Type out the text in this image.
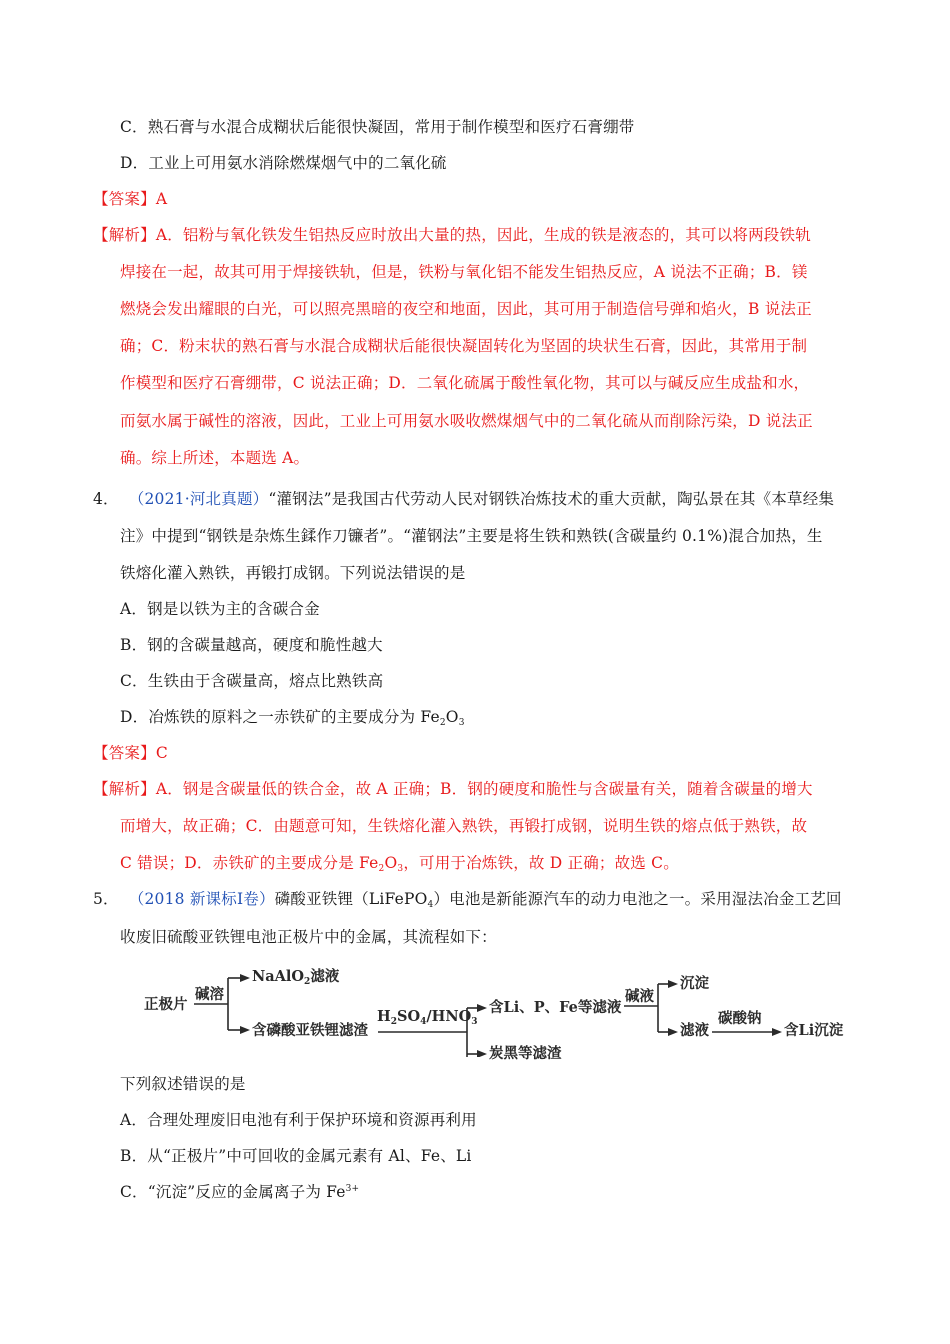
C．熟石膏与水混合成糊状后能很快凝固，常用于制作模型和医疗石膏绷带
D．工业上可用氨水消除燃煤烟气中的二氧化硫
【答案】A
【解析】A．铝粉与氧化铁发生铝热反应时放出大量的热，因此，生成的铁是液态的，其可以将两段铁轨
焊接在一起，故其可用于焊接铁轨，但是，铁粉与氧化铝不能发生铝热反应，A 说法不正确；B．镁
燃烧会发出耀眼的白光，可以照亮黑暗的夜空和地面，因此，其可用于制造信号弹和焰火，B 说法正
确；C．粉末状的熟石膏与水混合成糊状后能很快凝固转化为坚固的块状生石膏，因此，其常用于制
作模型和医疗石膏绷带，C 说法正确；D．二氧化硫属于酸性氧化物，其可以与碱反应生成盐和水，
而氨水属于碱性的溶液，因此，工业上可用氨水吸收燃煤烟气中的二氧化硫从而削除污染，D 说法正
确。综上所述，本题选 A。
4． （2021·河北真题）“灌钢法”是我国古代劳动人民对钢铁冶炼技术的重大贡献，陶弘景在其《本草经集
注》中提到“钢铁是杂炼生鍒作刀镰者”。“灌钢法”主要是将生铁和熟铁(含碳量约 0.1%)混合加热，生
铁熔化灌入熟铁，再锻打成钢。下列说法错误的是
A．钢是以铁为主的含碳合金
B．钢的含碳量越高，硬度和脆性越大
C．生铁由于含碳量高，熔点比熟铁高
D．冶炼铁的原料之一赤铁矿的主要成分为 $Fe_2O_3$
【答案】C
【解析】A．钢是含碳量低的铁合金，故 A 正确；B．钢的硬度和脆性与含碳量有关，随着含碳量的增大
而增大，故正确；C．由题意可知，生铁熔化灌入熟铁，再锻打成钢，说明生铁的熔点低于熟铁，故
C 错误；D．赤铁矿的主要成分是 $Fe_2O_3$，可用于冶炼铁，故 D 正确；故选 C。
5． （2018 新课标Ⅰ卷）磷酸亚铁锂（LiFePO$_4$）电池是新能源汽车的动力电池之一。采用湿法冶金工艺回
收废旧硫酸亚铁锂电池正极片中的金属，其流程如下：
正极片
碱溶
NaAlO$_2$滤液
含磷酸亚铁锂滤渣
$H_2SO_4/HNO_3$
含Li、P、Fe等滤液
炭黑等滤渣
碱液
沉淀
滤液
碳酸钠
含Li沉淀
下列叙述错误的是
A．合理处理废旧电池有利于保护环境和资源再利用
B．从“正极片”中可回收的金属元素有 Al、Fe、Li
C．“沉淀”反应的金属离子为 $Fe^{3+}$
